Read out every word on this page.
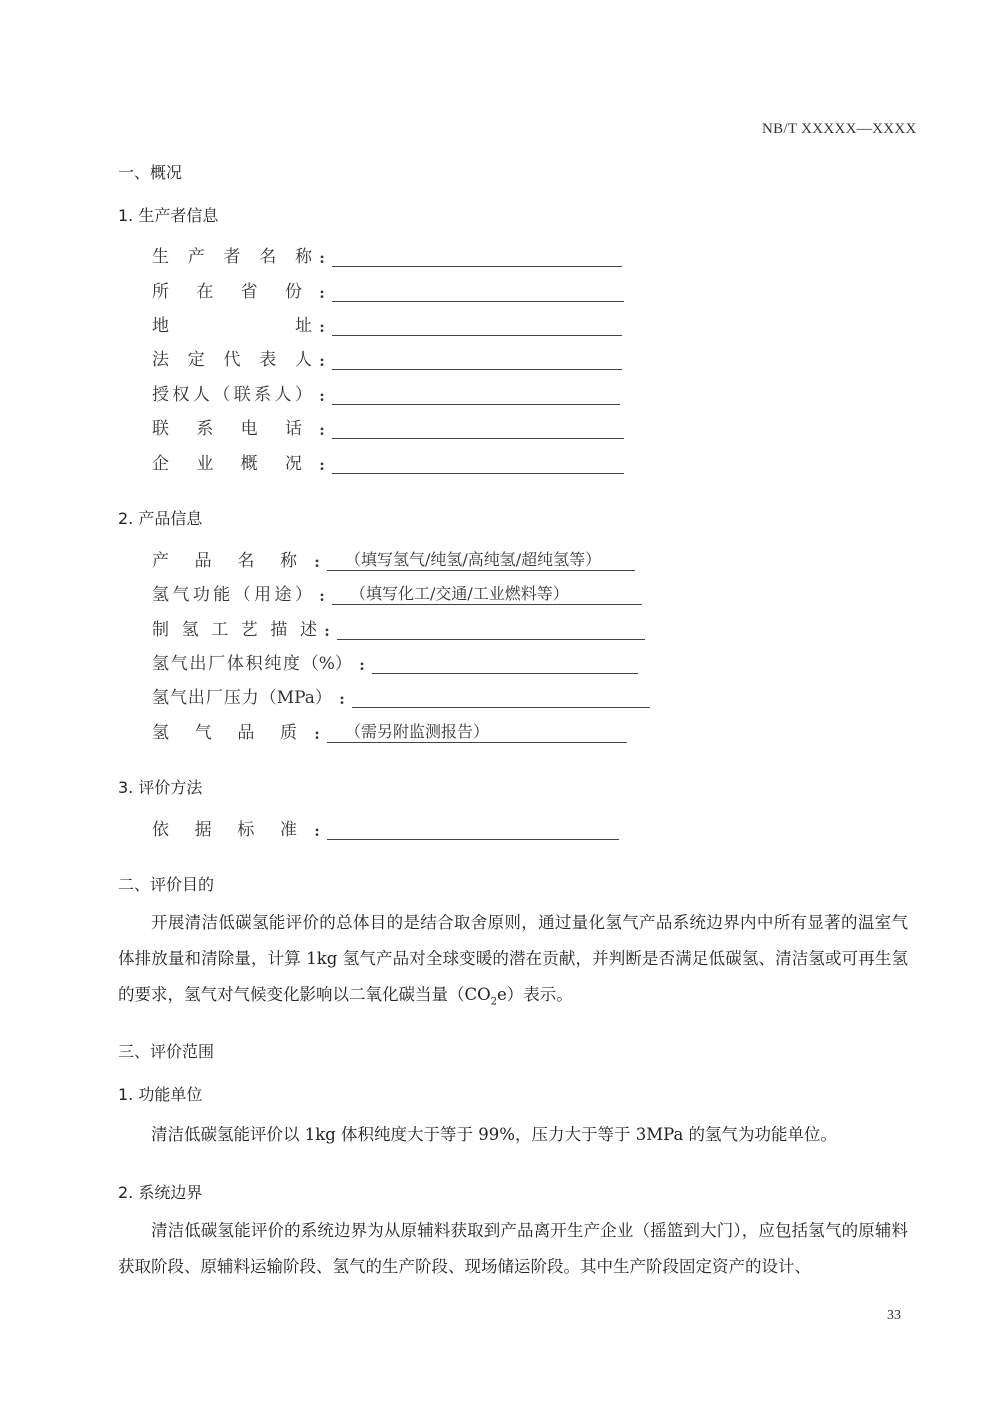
NB/T XXXXX—XXXX
一、概况
1. 生产者信息
生 产 者 名 称 :
所 在 省 份	:
地	址 :
法 定 代 表 人 :
授 权 人 （ 联 系 人 ） :
联 系 电 话	:
企 业 概 况	:
2. 产品信息
产 品 名 称	:	（填写氢气/纯氢/高纯氢/超纯氢等）
氢 气 功 能 （ 用 途 ） :	（填写化工/交通/工业燃料等）
制 氢 工 艺 描 述 :
氢 气 出 厂 体 积 纯 度 （%） :
氢 气 出 厂 压 力 （MPa） :
氢 气 品 质	:	（需另附监测报告）
3. 评价方法
依 据 标 准	:
二、评价目的
开展清洁低碳氢能评价的总体目的是结合取舍原则，通过量化氢气产品系统边界内中所有显著的温室气体排放量和清除量，计算 1kg 氢气产品对全球变暖的潜在贡献，并判断是否满足低碳氢、清洁氢或可再生氢的要求，氢气对气候变化影响以二氧化碳当量$(CO_2e)$表示。
三、评价范围
1. 功能单位
清洁低碳氢能评价以 1kg 体积纯度大于等于 99%，压力大于等于 3MPa 的氢气为功能单位。
2. 系统边界
清洁低碳氢能评价的系统边界为从原辅料获取到产品离开生产企业（摇篮到大门），应包括氢气的原辅料获取阶段、原辅料运输阶段、氢气的生产阶段、现场储运阶段。其中生产阶段固定资产的设计、
33
